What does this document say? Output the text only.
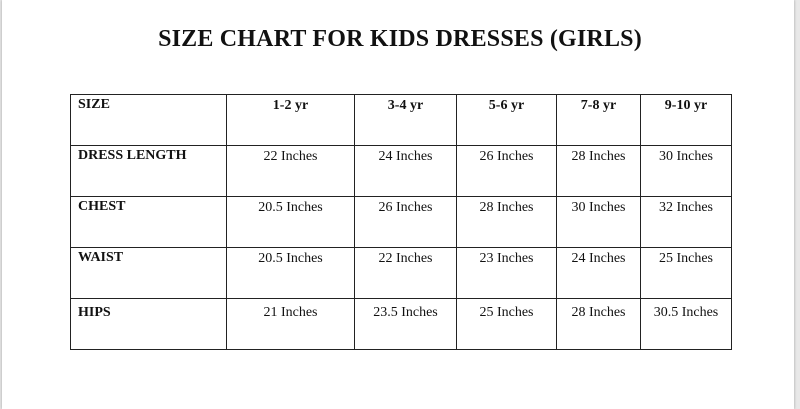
SIZE CHART FOR KIDS DRESSES (GIRLS)
SIZE	1-2 yr	3-4 yr	5-6 yr	7-8 yr	9-10 yr
DRESS LENGTH	22 Inches	24 Inches	26 Inches	28 Inches	30 Inches
CHEST	20.5 Inches	26 Inches	28 Inches	30 Inches	32 Inches
WAIST	20.5 Inches	22 Inches	23 Inches	24 Inches	25 Inches
HIPS	21 Inches	23.5 Inches	25 Inches	28 Inches	30.5 Inches
